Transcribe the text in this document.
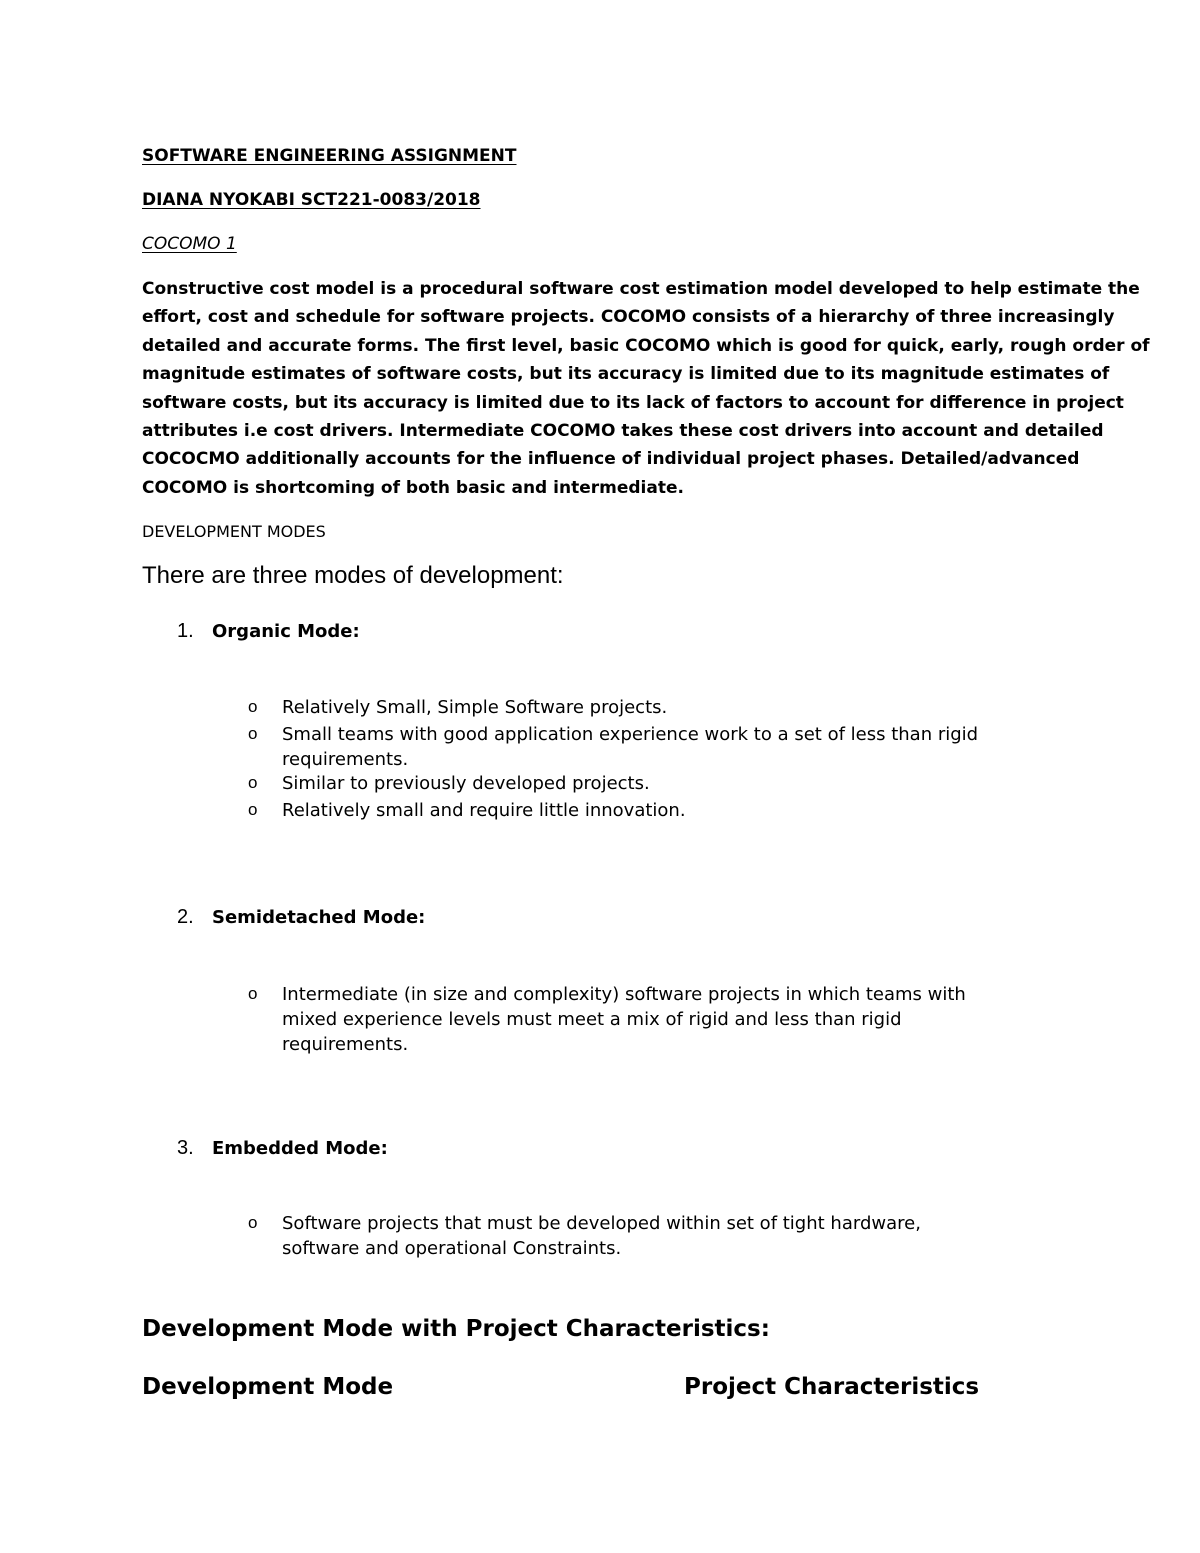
SOFTWARE ENGINEERING ASSIGNMENT
DIANA NYOKABI SCT221-0083/2018
COCOMO 1
Constructive cost model is a procedural software cost estimation model developed to help estimate the
effort, cost and schedule for software projects. COCOMO consists of a hierarchy of three increasingly
detailed and accurate forms. The first level, basic COCOMO which is good for quick, early, rough order of
magnitude estimates of software costs, but its accuracy is limited due to its magnitude estimates of
software costs, but its accuracy is limited due to its lack of factors to account for difference in project
attributes i.e cost drivers. Intermediate COCOMO takes these cost drivers into account and detailed
COCOCMO additionally accounts for the influence of individual project phases. Detailed/advanced
COCOMO is shortcoming of both basic and intermediate.
DEVELOPMENT MODES
There are three modes of development:
1. Organic Mode:
o Relatively Small, Simple Software projects.
o Small teams with good application experience work to a set of less than rigid
requirements.
o Similar to previously developed projects.
o Relatively small and require little innovation.
2. Semidetached Mode:
o Intermediate (in size and complexity) software projects in which teams with
mixed experience levels must meet a mix of rigid and less than rigid
requirements.
3. Embedded Mode:
o Software projects that must be developed within set of tight hardware,
software and operational Constraints.
Development Mode with Project Characteristics:
Development Mode	Project Characteristics
